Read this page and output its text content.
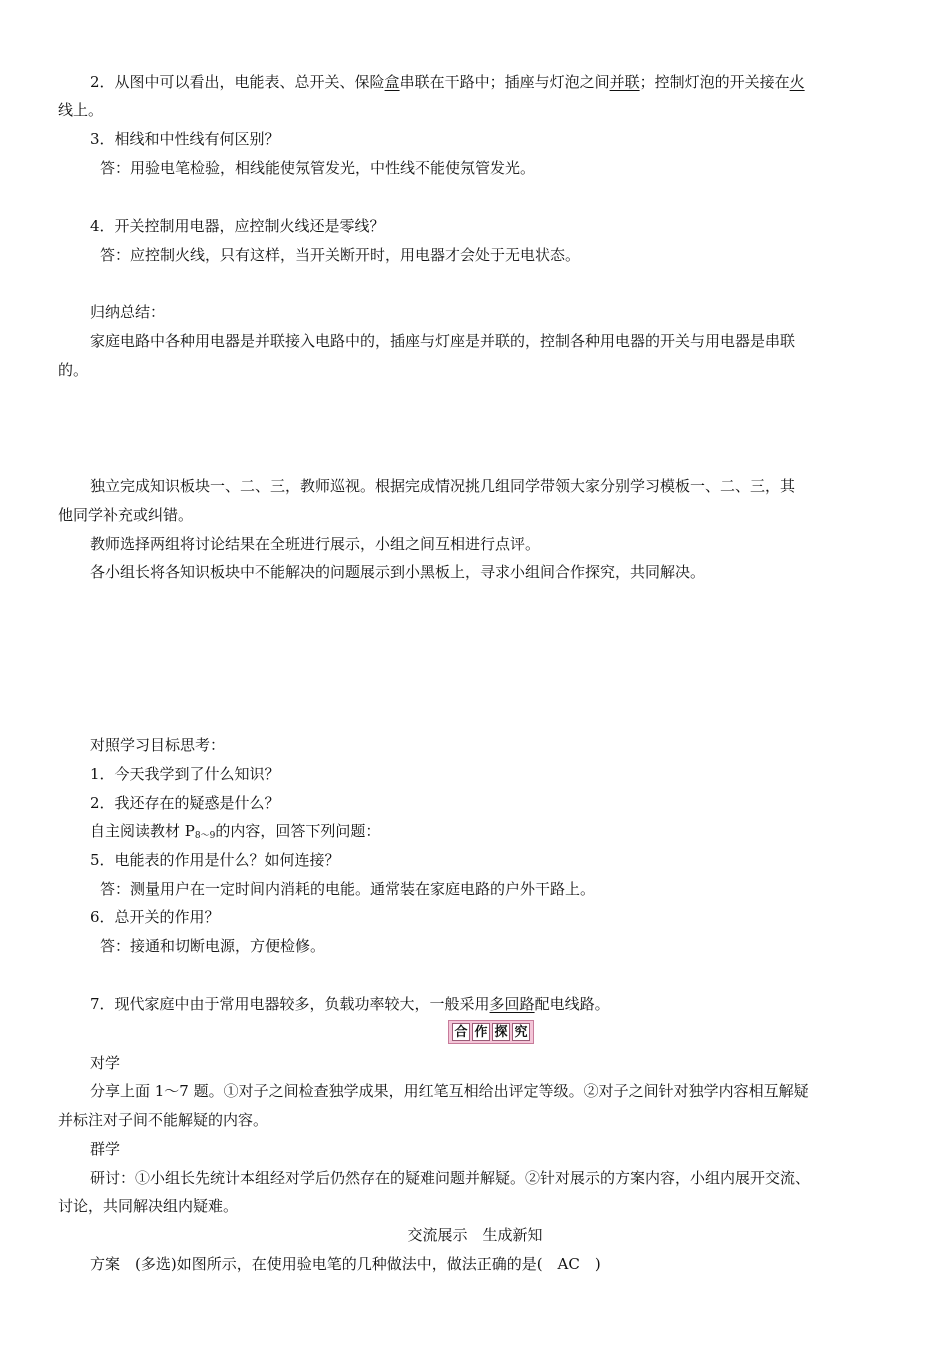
2．从图中可以看出，电能表、总开关、保险盒串联在干路中；插座与灯泡之间并联；控制灯泡的开关接在火
线上。
3．相线和中性线有何区别？
答：用验电笔检验，相线能使氖管发光，中性线不能使氖管发光。
4．开关控制用电器，应控制火线还是零线？
答：应控制火线，只有这样，当开关断开时，用电器才会处于无电状态。
归纳总结：
家庭电路中各种用电器是并联接入电路中的，插座与灯座是并联的，控制各种用电器的开关与用电器是串联
的。
独立完成知识板块一、二、三，教师巡视。根据完成情况挑几组同学带领大家分别学习模板一、二、三，其
他同学补充或纠错。
教师选择两组将讨论结果在全班进行展示，小组之间互相进行点评。
各小组长将各知识板块中不能解决的问题展示到小黑板上，寻求小组间合作探究，共同解决。
对照学习目标思考：
1．今天我学到了什么知识？
2．我还存在的疑惑是什么？
自主阅读教材 $P_{8\sim 9}$的内容，回答下列问题：
5．电能表的作用是什么？如何连接？
答：测量用户在一定时间内消耗的电能。通常装在家庭电路的户外干路上。
6．总开关的作用？
答：接通和切断电源，方便检修。
7．现代家庭中由于常用电器较多，负载功率较大，一般采用多回路配电线路。
合 作 探 究
对学
分享上面 1～7 题。①对子之间检查独学成果，用红笔互相给出评定等级。②对子之间针对独学内容相互解疑
并标注对子间不能解疑的内容。
群学
研讨：①小组长先统计本组经对学后仍然存在的疑难问题并解疑。②针对展示的方案内容，小组内展开交流、
讨论，共同解决组内疑难。
交流展示　生成新知
方案　(多选)如图所示，在使用验电笔的几种做法中，做法正确的是(　AC　)
